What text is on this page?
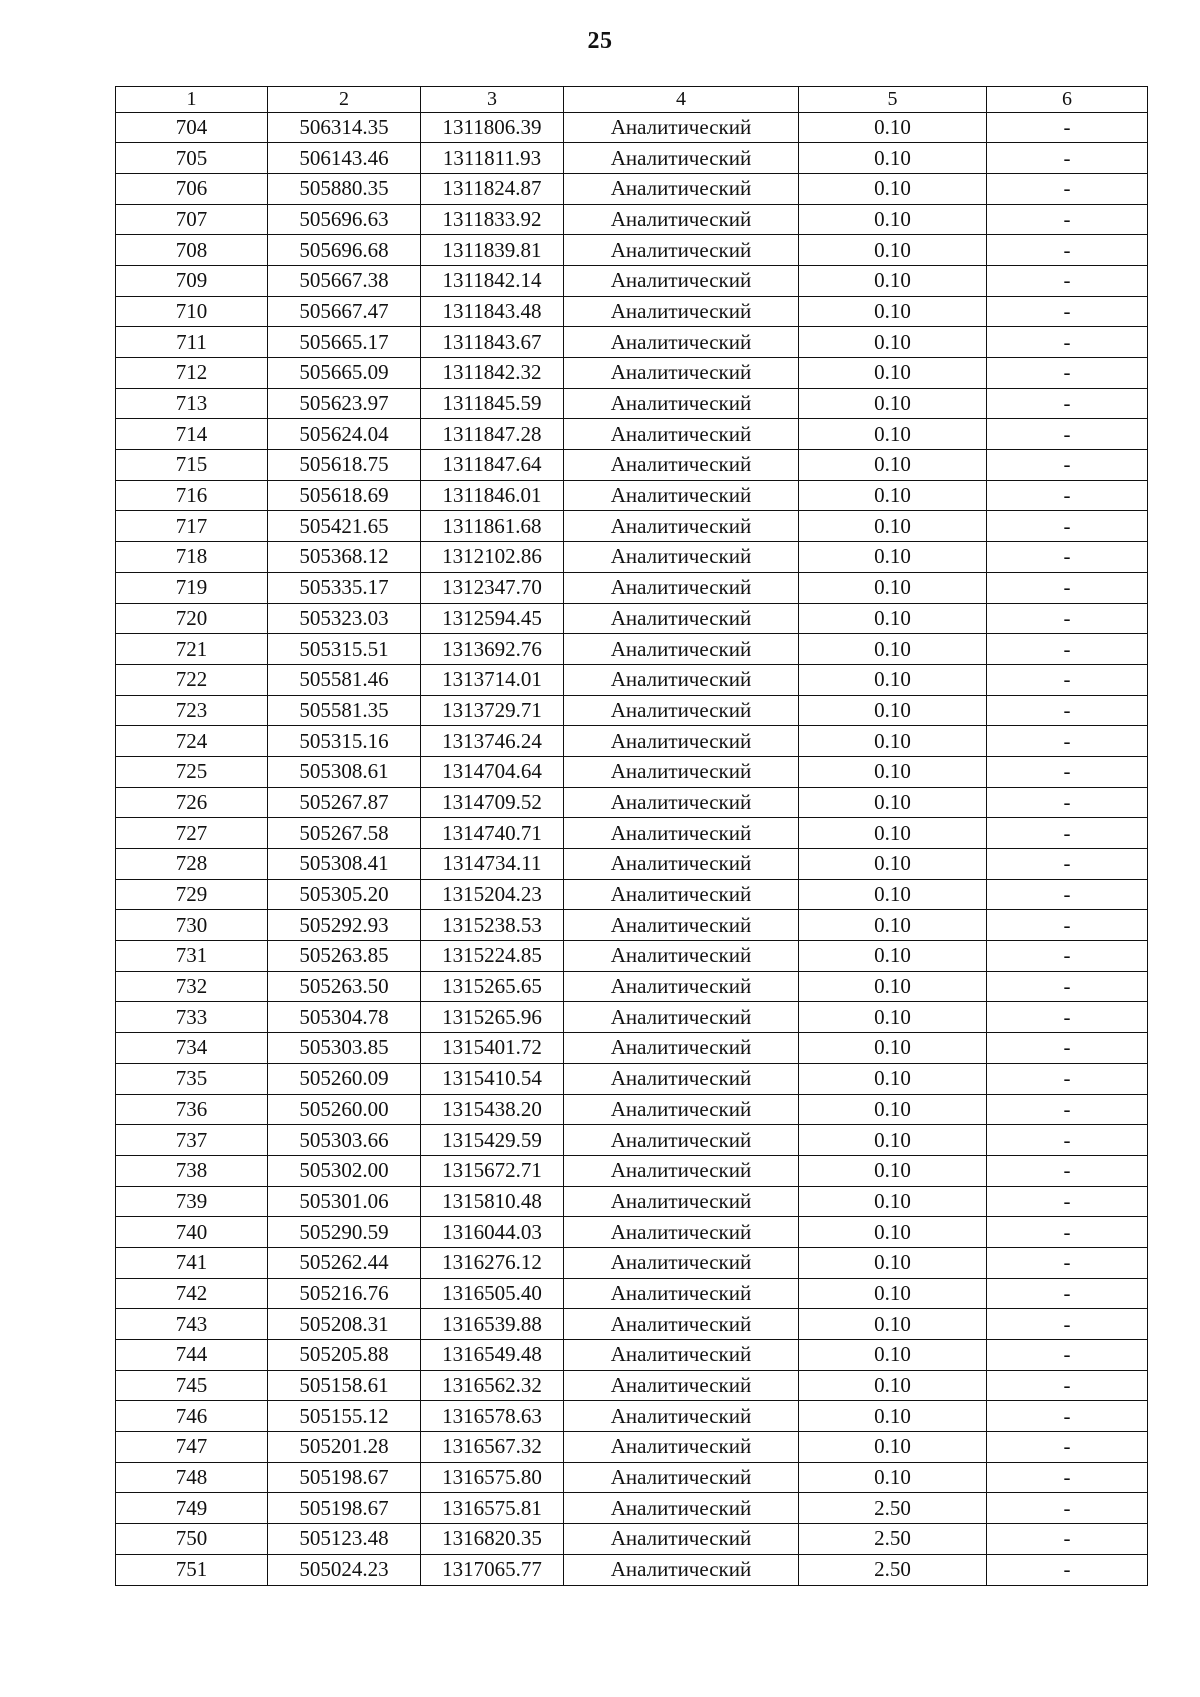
25
1	2	3	4	5	6
704	506314.35	1311806.39	Аналитический	0.10	-
705	506143.46	1311811.93	Аналитический	0.10	-
706	505880.35	1311824.87	Аналитический	0.10	-
707	505696.63	1311833.92	Аналитический	0.10	-
708	505696.68	1311839.81	Аналитический	0.10	-
709	505667.38	1311842.14	Аналитический	0.10	-
710	505667.47	1311843.48	Аналитический	0.10	-
711	505665.17	1311843.67	Аналитический	0.10	-
712	505665.09	1311842.32	Аналитический	0.10	-
713	505623.97	1311845.59	Аналитический	0.10	-
714	505624.04	1311847.28	Аналитический	0.10	-
715	505618.75	1311847.64	Аналитический	0.10	-
716	505618.69	1311846.01	Аналитический	0.10	-
717	505421.65	1311861.68	Аналитический	0.10	-
718	505368.12	1312102.86	Аналитический	0.10	-
719	505335.17	1312347.70	Аналитический	0.10	-
720	505323.03	1312594.45	Аналитический	0.10	-
721	505315.51	1313692.76	Аналитический	0.10	-
722	505581.46	1313714.01	Аналитический	0.10	-
723	505581.35	1313729.71	Аналитический	0.10	-
724	505315.16	1313746.24	Аналитический	0.10	-
725	505308.61	1314704.64	Аналитический	0.10	-
726	505267.87	1314709.52	Аналитический	0.10	-
727	505267.58	1314740.71	Аналитический	0.10	-
728	505308.41	1314734.11	Аналитический	0.10	-
729	505305.20	1315204.23	Аналитический	0.10	-
730	505292.93	1315238.53	Аналитический	0.10	-
731	505263.85	1315224.85	Аналитический	0.10	-
732	505263.50	1315265.65	Аналитический	0.10	-
733	505304.78	1315265.96	Аналитический	0.10	-
734	505303.85	1315401.72	Аналитический	0.10	-
735	505260.09	1315410.54	Аналитический	0.10	-
736	505260.00	1315438.20	Аналитический	0.10	-
737	505303.66	1315429.59	Аналитический	0.10	-
738	505302.00	1315672.71	Аналитический	0.10	-
739	505301.06	1315810.48	Аналитический	0.10	-
740	505290.59	1316044.03	Аналитический	0.10	-
741	505262.44	1316276.12	Аналитический	0.10	-
742	505216.76	1316505.40	Аналитический	0.10	-
743	505208.31	1316539.88	Аналитический	0.10	-
744	505205.88	1316549.48	Аналитический	0.10	-
745	505158.61	1316562.32	Аналитический	0.10	-
746	505155.12	1316578.63	Аналитический	0.10	-
747	505201.28	1316567.32	Аналитический	0.10	-
748	505198.67	1316575.80	Аналитический	0.10	-
749	505198.67	1316575.81	Аналитический	2.50	-
750	505123.48	1316820.35	Аналитический	2.50	-
751	505024.23	1317065.77	Аналитический	2.50	-
